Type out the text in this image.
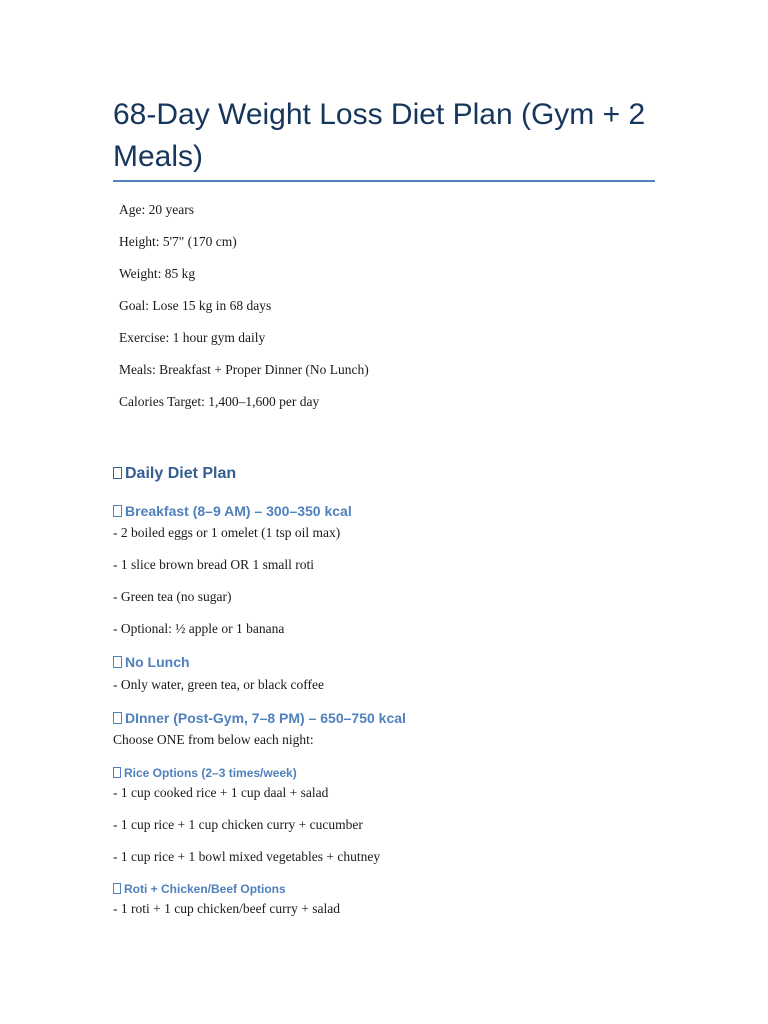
68-Day Weight Loss Diet Plan (Gym + 2 Meals)
Age: 20 years
Height: 5'7" (170 cm)
Weight: 85 kg
Goal: Lose 15 kg in 68 days
Exercise: 1 hour gym daily
Meals: Breakfast + Proper Dinner (No Lunch)
Calories Target: 1,400–1,600 per day
Daily Diet Plan
Breakfast (8–9 AM) – 300–350 kcal
- 2 boiled eggs or 1 omelet (1 tsp oil max)
- 1 slice brown bread OR 1 small roti
- Green tea (no sugar)
- Optional: ½ apple or 1 banana
No Lunch
- Only water, green tea, or black coffee
DInner (Post-Gym, 7–8 PM) – 650–750 kcal
Choose ONE from below each night:
Rice Options (2–3 times/week)
- 1 cup cooked rice + 1 cup daal + salad
- 1 cup rice + 1 cup chicken curry + cucumber
- 1 cup rice + 1 bowl mixed vegetables + chutney
Roti + Chicken/Beef Options
- 1 roti + 1 cup chicken/beef curry + salad
